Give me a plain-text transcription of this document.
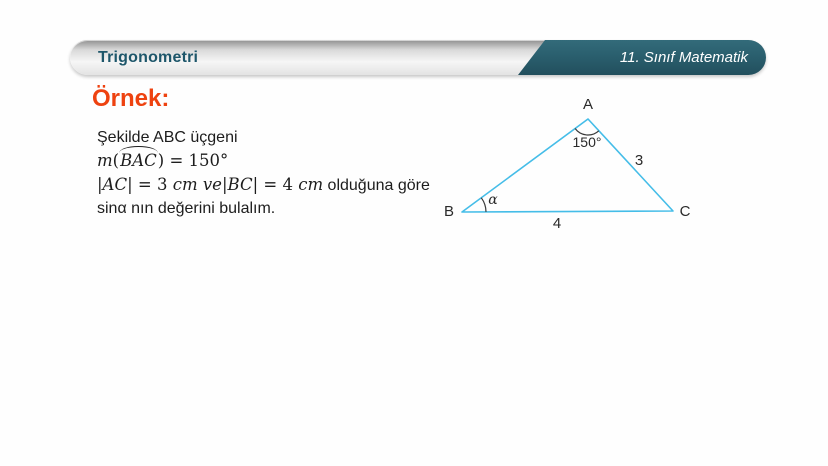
Trigonometri	11. Sınıf Matematik
Örnek:
Şekilde ABC üçgeni
m(BAC) = 150°
|AC| = 3 cm ve|BC| = 4 cm olduğuna göre
sinα nın değerini bulalım.
A
B	C
150°
α
3
4
